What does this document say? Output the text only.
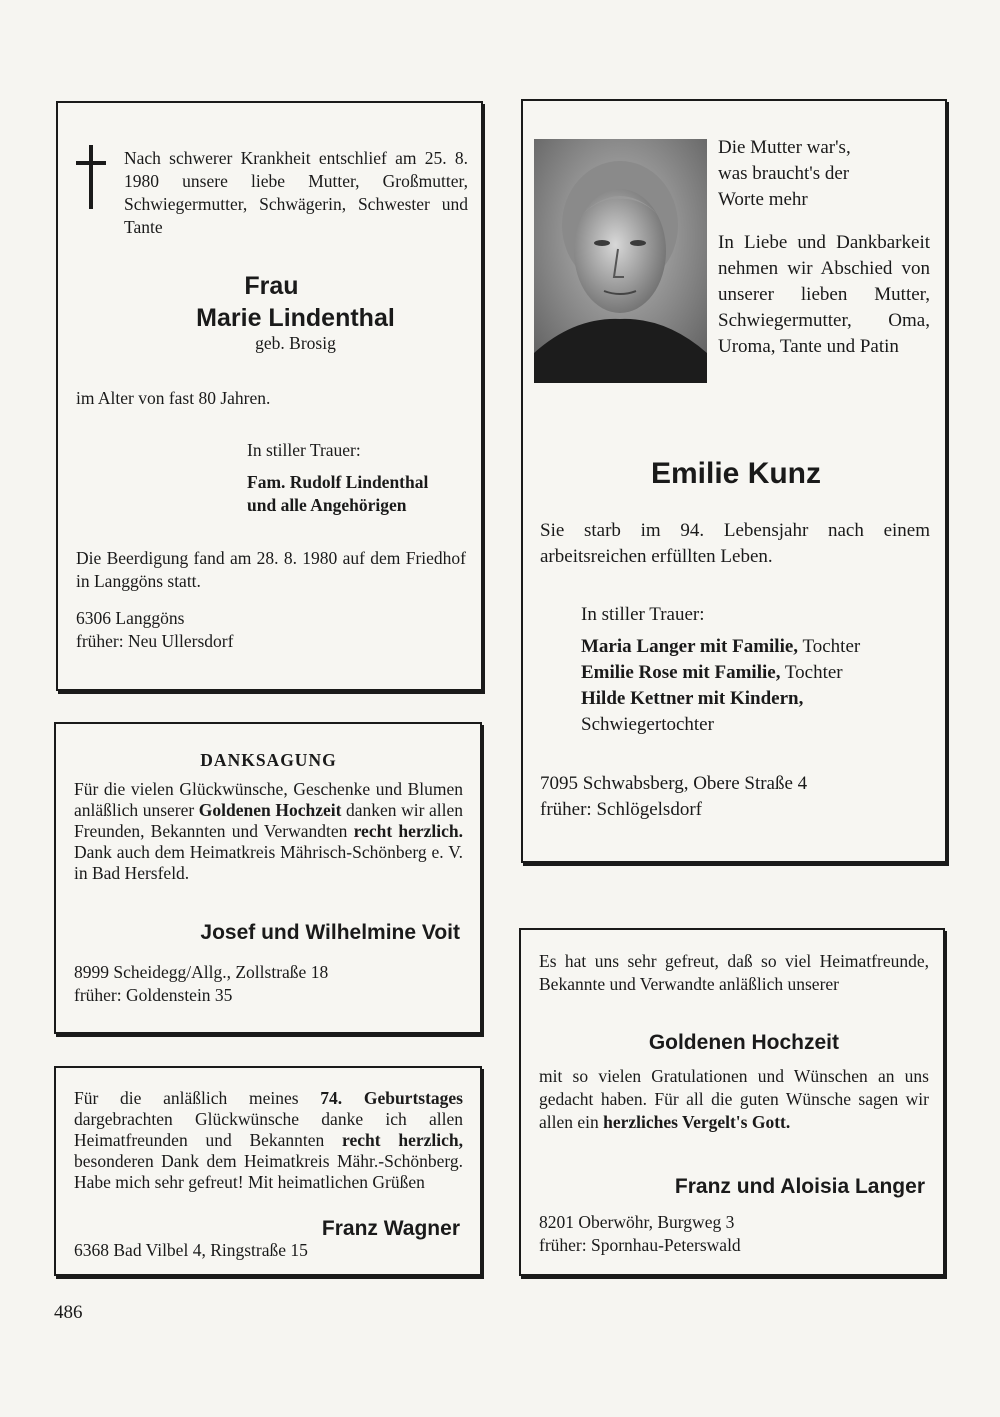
Nach schwerer Krankheit entschlief am 25. 8. 1980 unsere liebe Mutter, Großmutter, Schwiegermutter, Schwägerin, Schwester und Tante

Frau
Marie Lindenthal
geb. Brosig
im Alter von fast 80 Jahren.
In stiller Trauer:
Fam. Rudolf Lindenthal
und alle Angehörigen

Die Beerdigung fand am 28. 8. 1980 auf dem Friedhof in Langgöns statt.

6306 Langgöns
früher: Neu Ullersdorf
DANKSAGUNG

Für die vielen Glückwünsche, Geschenke und Blumen anläßlich unserer Goldenen Hochzeit danken wir allen Freunden, Bekannten und Verwandten recht herzlich. Dank auch dem Heimatkreis Mährisch-Schönberg e. V. in Bad Hersfeld.

Josef und Wilhelmine Voit
8999 Scheidegg/Allg., Zollstraße 18
früher: Goldenstein 35

Für die anläßlich meines 74. Geburtstages dargebrachten Glückwünsche danke ich allen Heimatfreunden und Bekannten recht herzlich, besonderen Dank dem Heimatkreis Mähr.-Schönberg. Habe mich sehr gefreut! Mit heimatlichen Grüßen

Franz Wagner
6368 Bad Vilbel 4, Ringstraße 15
Die Mutter war's,
was braucht's der
Worte mehr

In Liebe und Dankbarkeit nehmen wir Abschied von unserer lieben Mutter, Schwiegermutter, Oma, Uroma, Tante und Patin

Emilie Kunz

Sie starb im 94. Lebensjahr nach einem arbeitsreichen erfüllten Leben.

In stiller Trauer:
Maria Langer mit Familie, Tochter
Emilie Rose mit Familie, Tochter
Hilde Kettner mit Kindern,
Schwiegertochter
7095 Schwabsberg, Obere Straße 4
früher: Schlögelsdorf

Es hat uns sehr gefreut, daß so viel Heimatfreunde, Bekannte und Verwandte anläßlich unserer

Goldenen Hochzeit

mit so vielen Gratulationen und Wünschen an uns gedacht haben. Für all die guten Wünsche sagen wir allen ein herzliches Vergelt's Gott.

Franz und Aloisia Langer
8201 Oberwöhr, Burgweg 3
früher: Spornhau-Peterswald
486
